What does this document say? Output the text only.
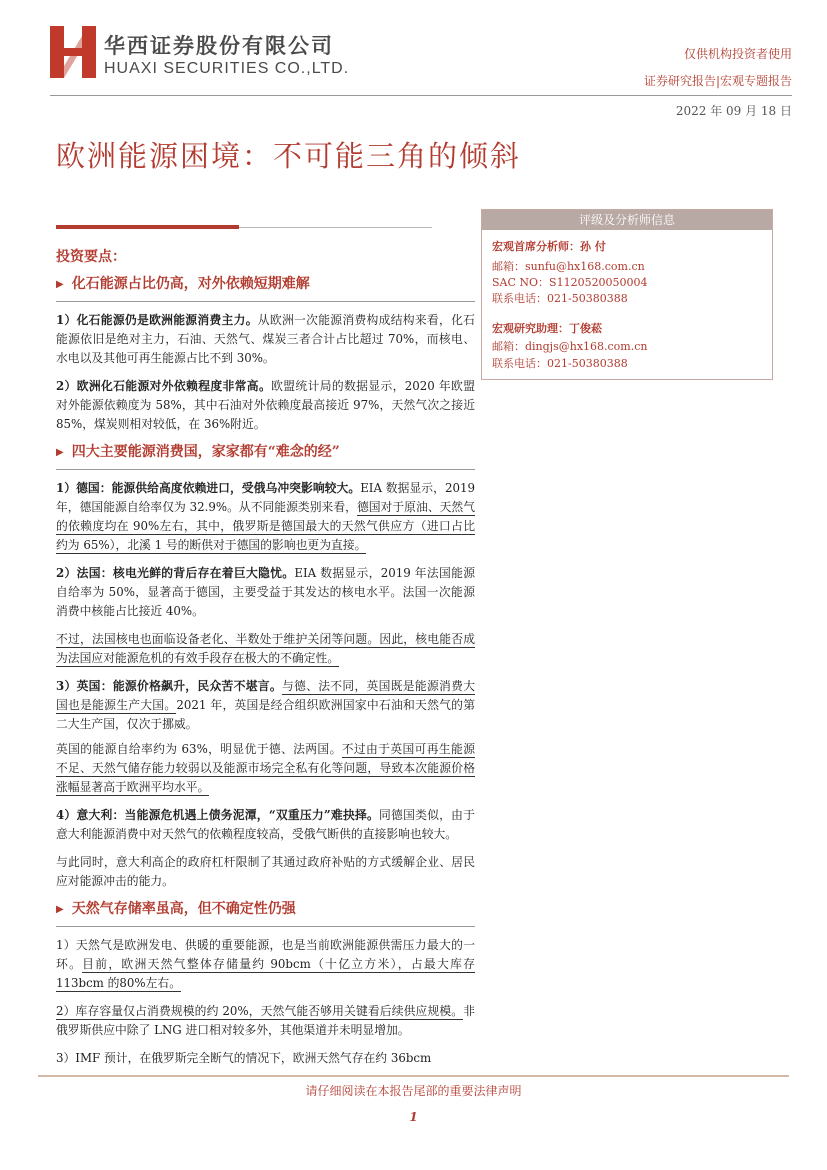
华西证券股份有限公司
HUAXI SECURITIES CO.,LTD.
仅供机构投资者使用
证券研究报告|宏观专题报告
2022 年 09 月 18 日
欧洲能源困境：不可能三角的倾斜
评级及分析师信息
宏观首席分析师：孙 付
邮箱：sunfu@hx168.com.cn
SAC NO：S1120520050004
联系电话：021-50380388
宏观研究助理：丁俊菘
邮箱：dingjs@hx168.com.cn
联系电话：021-50380388
投资要点：
▶ 化石能源占比仍高，对外依赖短期难解

1）化石能源仍是欧洲能源消费主力。从欧洲一次能源消费构成结构来看，化石能源依旧是绝对主力，石油、天然气、煤炭三者合计占比超过 70%，而核电、水电以及其他可再生能源占比不到 30%。

2）欧洲化石能源对外依赖程度非常高。欧盟统计局的数据显示，2020 年欧盟对外能源依赖度为 58%，其中石油对外依赖度最高接近 97%，天然气次之接近 85%，煤炭则相对较低，在 36%附近。

▶ 四大主要能源消费国，家家都有“难念的经”

1）德国：能源供给高度依赖进口，受俄乌冲突影响较大。EIA 数据显示，2019 年，德国能源自给率仅为 32.9%。从不同能源类别来看，德国对于原油、天然气的依赖度均在 90%左右，其中，俄罗斯是德国最大的天然气供应方（进口占比约为 65%），北溪 1 号的断供对于德国的影响也更为直接。

2）法国：核电光鲜的背后存在着巨大隐忧。EIA 数据显示，2019 年法国能源自给率为 50%，显著高于德国，主要受益于其发达的核电水平。法国一次能源消费中核能占比接近 40%。

不过，法国核电也面临设备老化、半数处于维护关闭等问题。因此，核电能否成为法国应对能源危机的有效手段存在极大的不确定性。

3）英国：能源价格飙升，民众苦不堪言。与德、法不同，英国既是能源消费大国也是能源生产大国。2021 年，英国是经合组织欧洲国家中石油和天然气的第二大生产国，仅次于挪威。

英国的能源自给率约为 63%，明显优于德、法两国。不过由于英国可再生能源不足、天然气储存能力较弱以及能源市场完全私有化等问题，导致本次能源价格涨幅显著高于欧洲平均水平。

4）意大利：当能源危机遇上债务泥潭，“双重压力”难抉择。同德国类似，由于意大利能源消费中对天然气的依赖程度较高，受俄气断供的直接影响也较大。

与此同时，意大利高企的政府杠杆限制了其通过政府补贴的方式缓解企业、居民应对能源冲击的能力。

▶ 天然气存储率虽高，但不确定性仍强

1）天然气是欧洲发电、供暖的重要能源，也是当前欧洲能源供需压力最大的一环。目前，欧洲天然气整体存储量约 90bcm（十亿立方米），占最大库存113bcm 的80%左右。

2）库存容量仅占消费规模的约 20%，天然气能否够用关键看后续供应规模。非俄罗斯供应中除了 LNG 进口相对较多外，其他渠道并未明显增加。

3）IMF 预计，在俄罗斯完全断气的情况下，欧洲天然气存在约 36bcm

请仔细阅读在本报告尾部的重要法律声明
1
